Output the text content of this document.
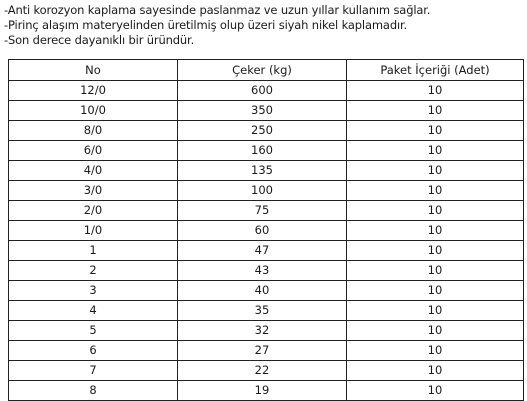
-Anti korozyon kaplama sayesinde paslanmaz ve uzun yıllar kullanım sağlar.
-Pirinç alaşım materyelinden üretilmiş olup üzeri siyah nikel kaplamadır.
-Son derece dayanıklı bir üründür.
No	Çeker (kg)	Paket İçeriği (Adet)
12/0	600	10
10/0	350	10
8/0	250	10
6/0	160	10
4/0	135	10
3/0	100	10
2/0	75	10
1/0	60	10
1	47	10
2	43	10
3	40	10
4	35	10
5	32	10
6	27	10
7	22	10
8	19	10
